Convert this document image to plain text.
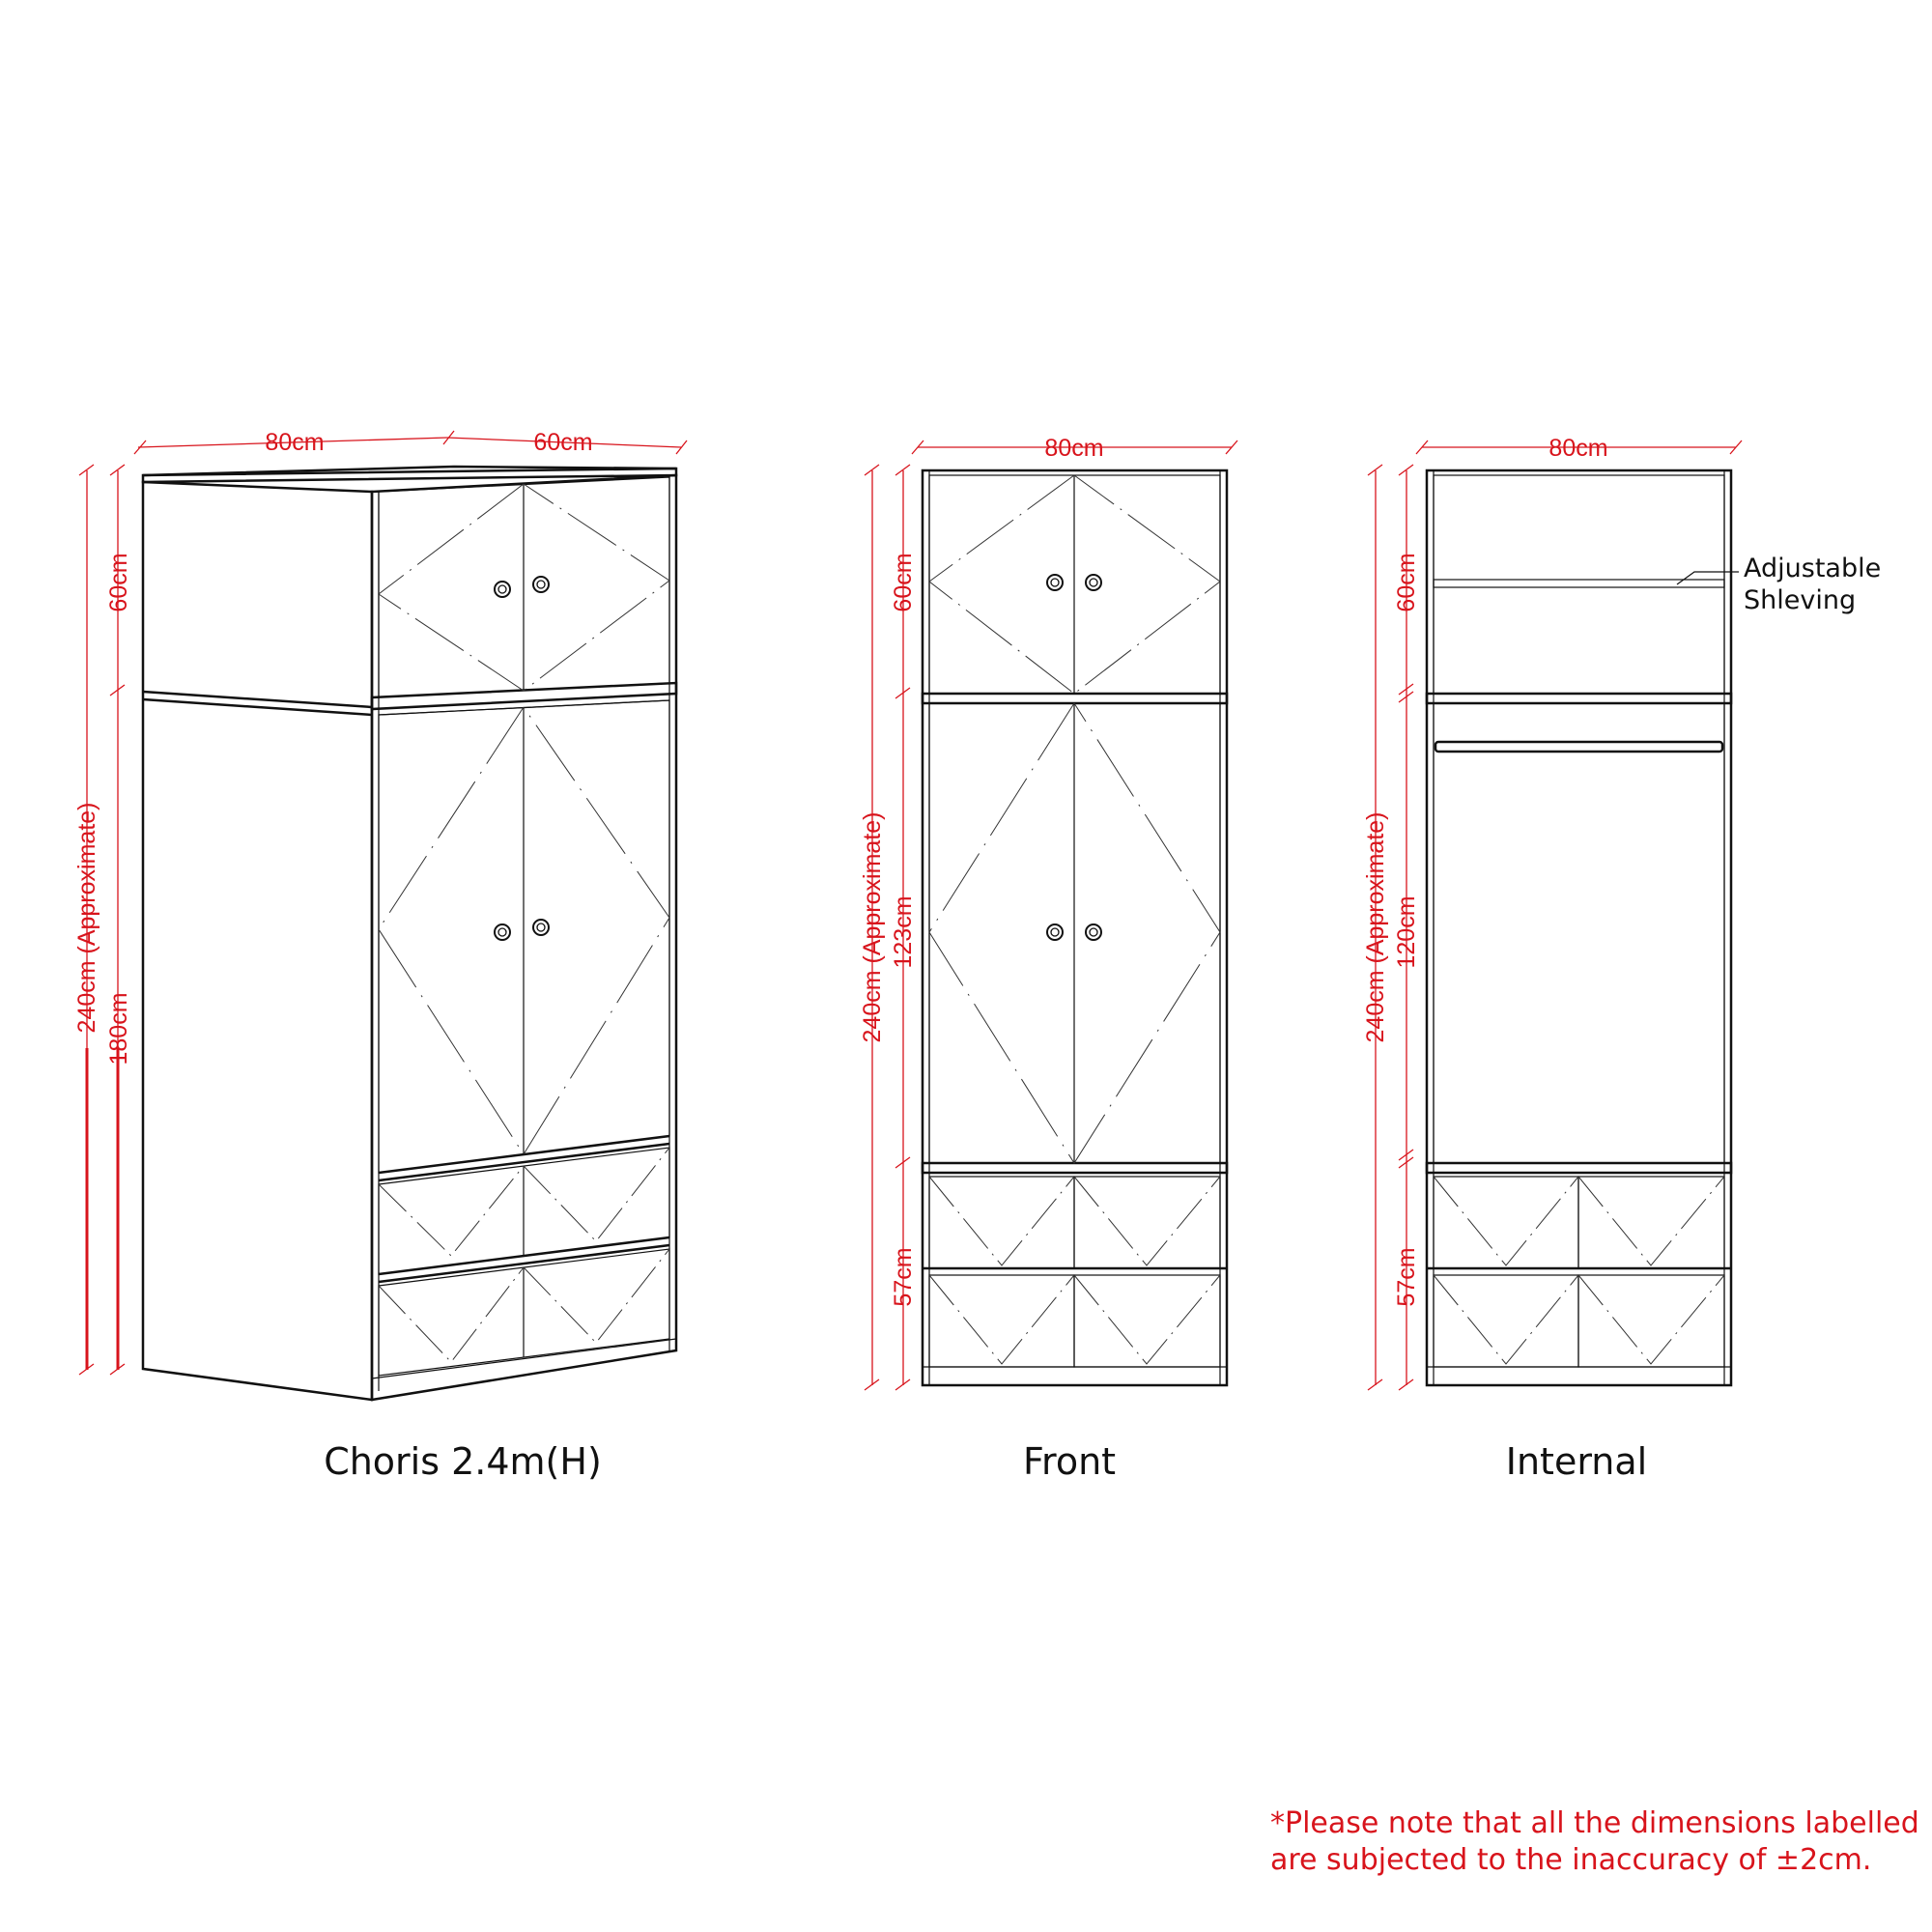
80cm	60cm
60cm
240cm (Approximate) 180cm
Choris 2.4m(H)
80cm
60cm
240cm (Approximate) 123cm
57cm
Front
Adjustable
Shleving
80cm
60cm
240cm (Approximate) 120cm
57cm
Internal
*Please note that all the dimensions labelled
are subjected to the inaccuracy of ±2cm.
